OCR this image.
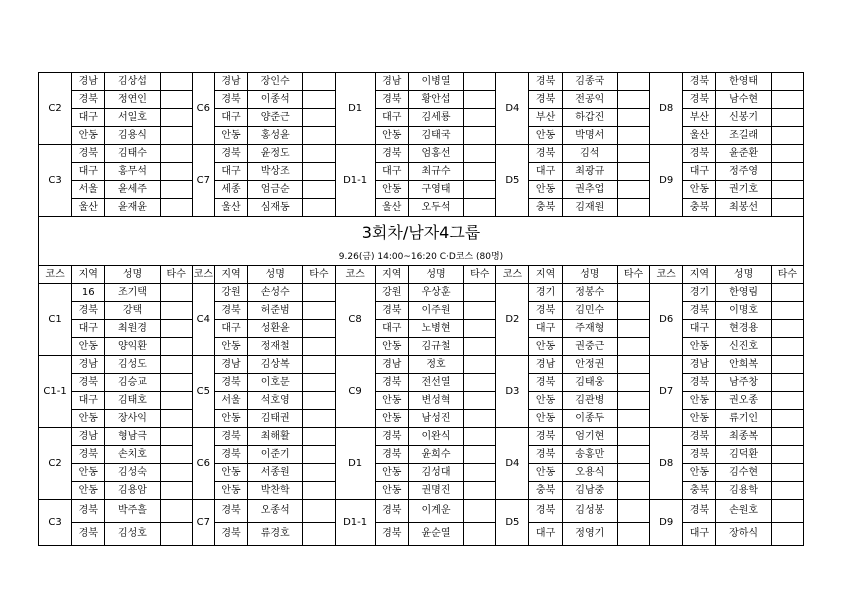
C2	경남	김상섭		C6	경남	장인수		D1	경남	이병열		D4	경북	김종국		D8	경북	한영태	
	경북	정연인			경북	이종석			경북	황안섭			경북	전공익			경북	남수현	
	대구	서일호			대구	양준근			대구	김세룡			부산	하갑진			부산	신봉기	
	안동	김용식			안동	홍성윤			안동	김태국			안동	박명서			울산	조길래	
C3	경북	김태수		C7	경북	윤정도		D1-1	경북	엄홍선		D5	경북	김석		D9	경북	윤준환	
	대구	홍무석			대구	박상조			대구	최규수			대구	최광규			대구	정주영	
	서울	윤세주			세종	엄금순			안동	구영태			안동	권추업			안동	권기호	
	울산	윤재윤			울산	심재동			울산	오두석			충북	김재원			충북	최봉선	
3회차/남자4그룹																			
9.26(금) 14:00~16:20 C·D코스 (80명)																			
코스	지역	성명	타수	코스	지역	성명	타수	코스	지역	성명	타수	코스	지역	성명	타수	코스	지역	성명	타수
C1	16	조기택		C4	강원	손성수		C8	강원	우상훈		D2	경기	정봉수		D6	경기	한영림	
	경북	강택			경북	허준범			경북	이주원			경북	김민수			경북	이명호	
	대구	최원경			대구	성환윤			대구	노병현			대구	주재형			대구	현경용	
	안동	양익환			안동	정재철			안동	김규철			안동	권중근			안동	신진호	
C1-1	경남	김성도		C5	경남	김상복		C9	경남	정호		D3	경남	안정권		D7	경남	안희복	
	경북	김승교			경북	이호문			경북	전선열			경북	김태웅			경북	남주창	
	대구	김태호			서울	석호영			안동	변성혁			안동	김관병			안동	권오종	
	안동	장사익			안동	김태권			안동	남성진			안동	이종두			안동	류기인	
C2	경남	형남극		C6	경북	최해활		D1	경북	이완식		D4	경북	엄기현		D8	경북	최종복	
	경북	손치호			경북	이준기			경북	윤희수			경북	송홍만			경북	김덕환	
	안동	김성숙			안동	서종원			안동	김성대			안동	오용식			안동	김수현	
	안동	김용암			안동	박찬학			안동	권명진			충북	김남중			충북	김용학	
C3	경북	박주흘		C7	경북	오종석		D1-1	경북	이계운		D5	경북	김성봉		D9	경북	손원호	
	경북	김성호			경북	류경호			경북	윤순열			대구	정영기			대구	장하식	
